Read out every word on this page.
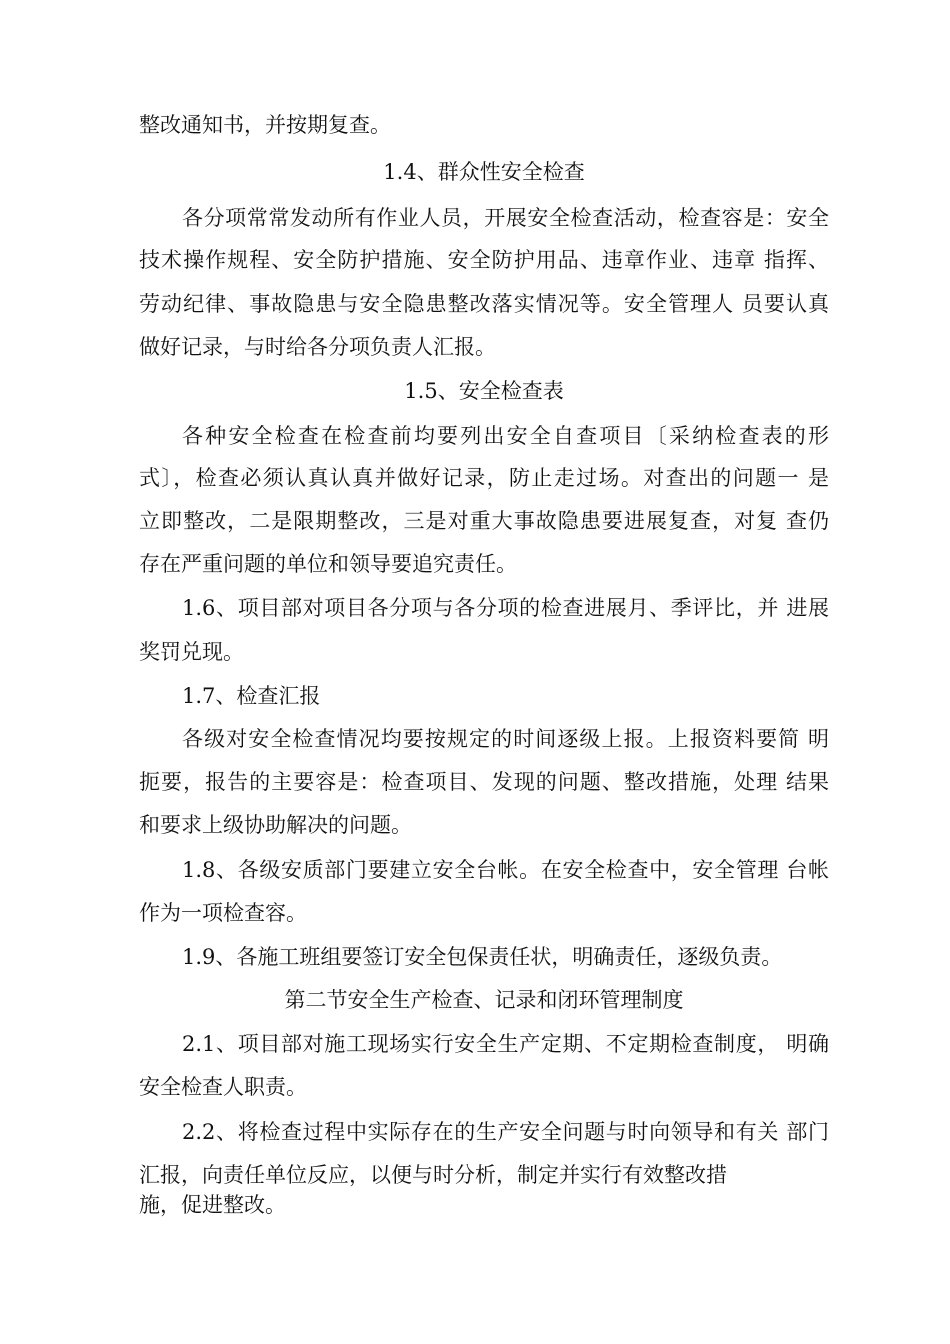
整改通知书，并按期复查。

1.4、群众性安全检查

各分项常常发动所有作业人员，开展安全检查活动，检查容是：安全

技术操作规程、安全防护措施、安全防护用品、违章作业、违章 指挥、

劳动纪律、事故隐患与安全隐患整改落实情况等。安全管理人 员要认真

做好记录，与时给各分项负责人汇报。

1.5、安全检查表

各种安全检查在检查前均要列出安全自查项目〔采纳检查表的形

式〕，检查必须认真认真并做好记录，防止走过场。对查出的问题一 是

立即整改，二是限期整改，三是对重大事故隐患要进展复查，对复 查仍

存在严重问题的单位和领导要追究责任。

1.6、项目部对项目各分项与各分项的检查进展月、季评比，并 进展

奖罚兑现。

1.7、检查汇报

各级对安全检查情况均要按规定的时间逐级上报。上报资料要简 明

扼要，报告的主要容是：检查项目、发现的问题、整改措施，处理 结果

和要求上级协助解决的问题。

1.8、各级安质部门要建立安全台帐。在安全检查中，安全管理 台帐

作为一项检查容。

1.9、各施工班组要签订安全包保责任状，明确责任，逐级负责。

第二节安全生产检查、记录和闭环管理制度

2.1、项目部对施工现场实行安全生产定期、不定期检查制度， 明确

安全检查人职责。

2.2、将检查过程中实际存在的生产安全问题与时向领导和有关 部门

汇报，向责任单位反应，以便与时分析，制定并实行有效整改措

施，促进整改。
